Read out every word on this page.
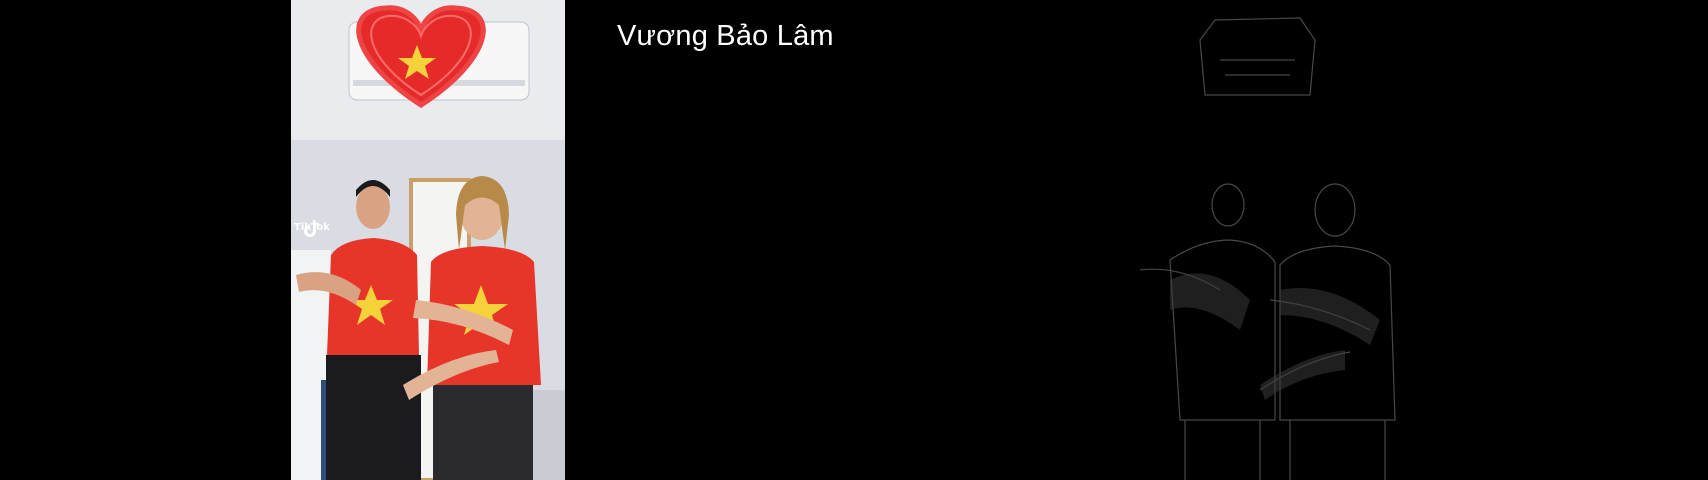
TikTok
Vương Bảo Lâm
